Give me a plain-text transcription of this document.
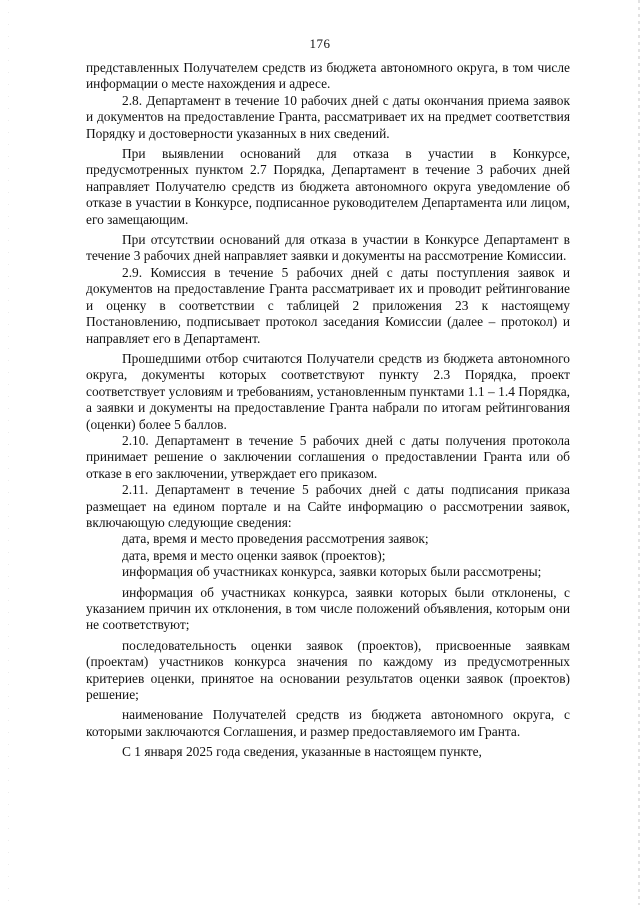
176

представленных Получателем средств из бюджета автономного округа, в том числе информации о месте нахождения и адресе.

2.8. Департамент в течение 10 рабочих дней с даты окончания приема заявок и документов на предоставление Гранта, рассматривает их на предмет соответствия Порядку и достоверности указанных в них сведений.

При выявлении оснований для отказа в участии в Конкурсе, предусмотренных пунктом 2.7 Порядка, Департамент в течение 3 рабочих дней направляет Получателю средств из бюджета автономного округа уведомление об отказе в участии в Конкурсе, подписанное руководителем Департамента или лицом, его замещающим.

При отсутствии оснований для отказа в участии в Конкурсе Департамент в течение 3 рабочих дней направляет заявки и документы на рассмотрение Комиссии.

2.9. Комиссия в течение 5 рабочих дней с даты поступления заявок и документов на предоставление Гранта рассматривает их и проводит рейтингование и оценку в соответствии с таблицей 2 приложения 23 к настоящему Постановлению, подписывает протокол заседания Комиссии (далее – протокол) и направляет его в Департамент.

Прошедшими отбор считаются Получатели средств из бюджета автономного округа, документы которых соответствуют пункту 2.3 Порядка, проект соответствует условиям и требованиям, установленным пунктами 1.1 – 1.4 Порядка, а заявки и документы на предоставление Гранта набрали по итогам рейтингования (оценки) более 5 баллов.

2.10. Департамент в течение 5 рабочих дней с даты получения протокола принимает решение о заключении соглашения о предоставлении Гранта или об отказе в его заключении, утверждает его приказом.

2.11. Департамент в течение 5 рабочих дней с даты подписания приказа размещает на едином портале и на Сайте информацию о рассмотрении заявок, включающую следующие сведения:

дата, время и место проведения рассмотрения заявок;

дата, время и место оценки заявок (проектов);

информация об участниках конкурса, заявки которых были рассмотрены;

информация об участниках конкурса, заявки которых были отклонены, с указанием причин их отклонения, в том числе положений объявления, которым они не соответствуют;

последовательность оценки заявок (проектов), присвоенные заявкам (проектам) участников конкурса значения по каждому из предусмотренных критериев оценки, принятое на основании результатов оценки заявок (проектов) решение;

наименование Получателей средств из бюджета автономного округа, с которыми заключаются Соглашения, и размер предоставляемого им Гранта.

С 1 января 2025 года сведения, указанные в настоящем пункте,
